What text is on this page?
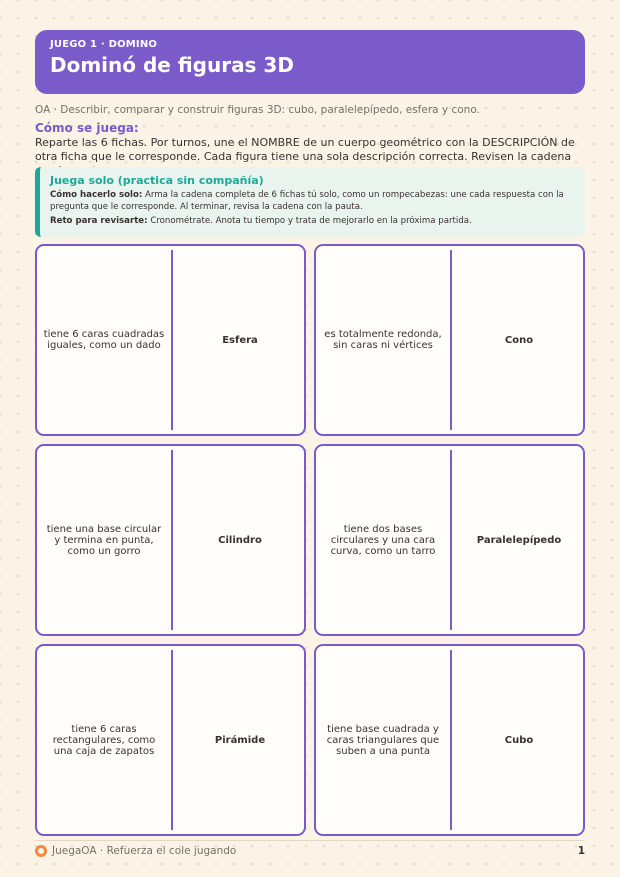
JUEGO 1 · DOMINO
Dominó de figuras 3D
OA · Describir, comparar y construir figuras 3D: cubo, paralelepípedo, esfera y cono.
Cómo se juega:
Reparte las 6 fichas. Por turnos, une el NOMBRE de un cuerpo geométrico con la DESCRIPCIÓN de otra ficha que le corresponde. Cada figura tiene una sola descripción correcta. Revisen la cadena
Juega solo (practica sin compañía)

Cómo hacerlo solo: Arma la cadena completa de 6 fichas tú solo, como un rompecabezas: une cada respuesta con la pregunta que le corresponde. Al terminar, revisa la cadena con la pauta.

Reto para revisarte: Cronométrate. Anota tu tiempo y trata de mejorarlo en la próxima partida.

tiene 6 caras cuadradas iguales, como un dado	Esfera	es totalmente redonda, sin caras ni vértices	Cono
tiene una base circular y termina en punta, como un gorro
Cilindro
tiene dos bases circulares y una cara curva, como un tarro
Paralelepípedo
tiene 6 caras rectangulares, como una caja de zapatos
Pirámide
tiene base cuadrada y caras triangulares que suben a una punta
Cubo
JuegaOA · Refuerza el cole jugando	1
